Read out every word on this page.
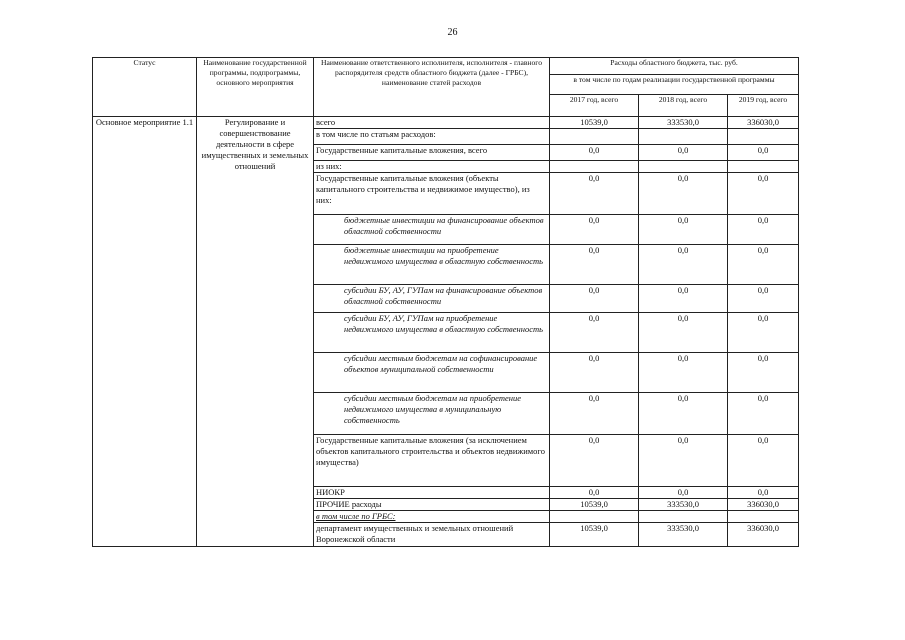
26
Статус	Наименование государственной программы, подпрограммы, основного мероприятия	Наименование ответственного исполнителя, исполнителя - главного распорядителя средств областного бюджета (далее - ГРБС), наименование статей расходов	Расходы областного бюджета, тыс. руб.		
			в том числе по годам реализации государственной программы		
			2017 год, всего	2018 год, всего	2019 год, всего
Основное мероприятие 1.1	Регулирование и совершенствование деятельности в сфере имущественных и земельных отношений	всего	10539,0	333530,0	336030,0
		в том числе по статьям расходов:			
		Государственные капитальные вложения, всего	0,0	0,0	0,0
		из них:			
		Государственные капитальные вложения (объекты капитального строительства и недвижимое имущество), из них:	0,0	0,0	0,0
		бюджетные инвестиции на финансирование объектов областной собственности	0,0	0,0	0,0
		бюджетные инвестиции на приобретение недвижимого имущества в областную собственность	0,0	0,0	0,0
		субсидии БУ, АУ, ГУПам на финансирование объектов областной собственности	0,0	0,0	0,0
		субсидии БУ, АУ, ГУПам на приобретение недвижимого имущества в областную собственность	0,0	0,0	0,0
		субсидии местным бюджетам на софинансирование объектов муниципальной собственности	0,0	0,0	0,0
		субсидии местным бюджетам на приобретение недвижимого имущества в муниципальную собственность	0,0	0,0	0,0
		Государственные капитальные вложения (за исключением объектов капитального строительства и объектов недвижимого имущества)	0,0	0,0	0,0
		НИОКР	0,0	0,0	0,0
		ПРОЧИЕ расходы	10539,0	333530,0	336030,0
		в том числе по ГРБС:			
		департамент имущественных и земельных отношений Воронежской области	10539,0	333530,0	336030,0
